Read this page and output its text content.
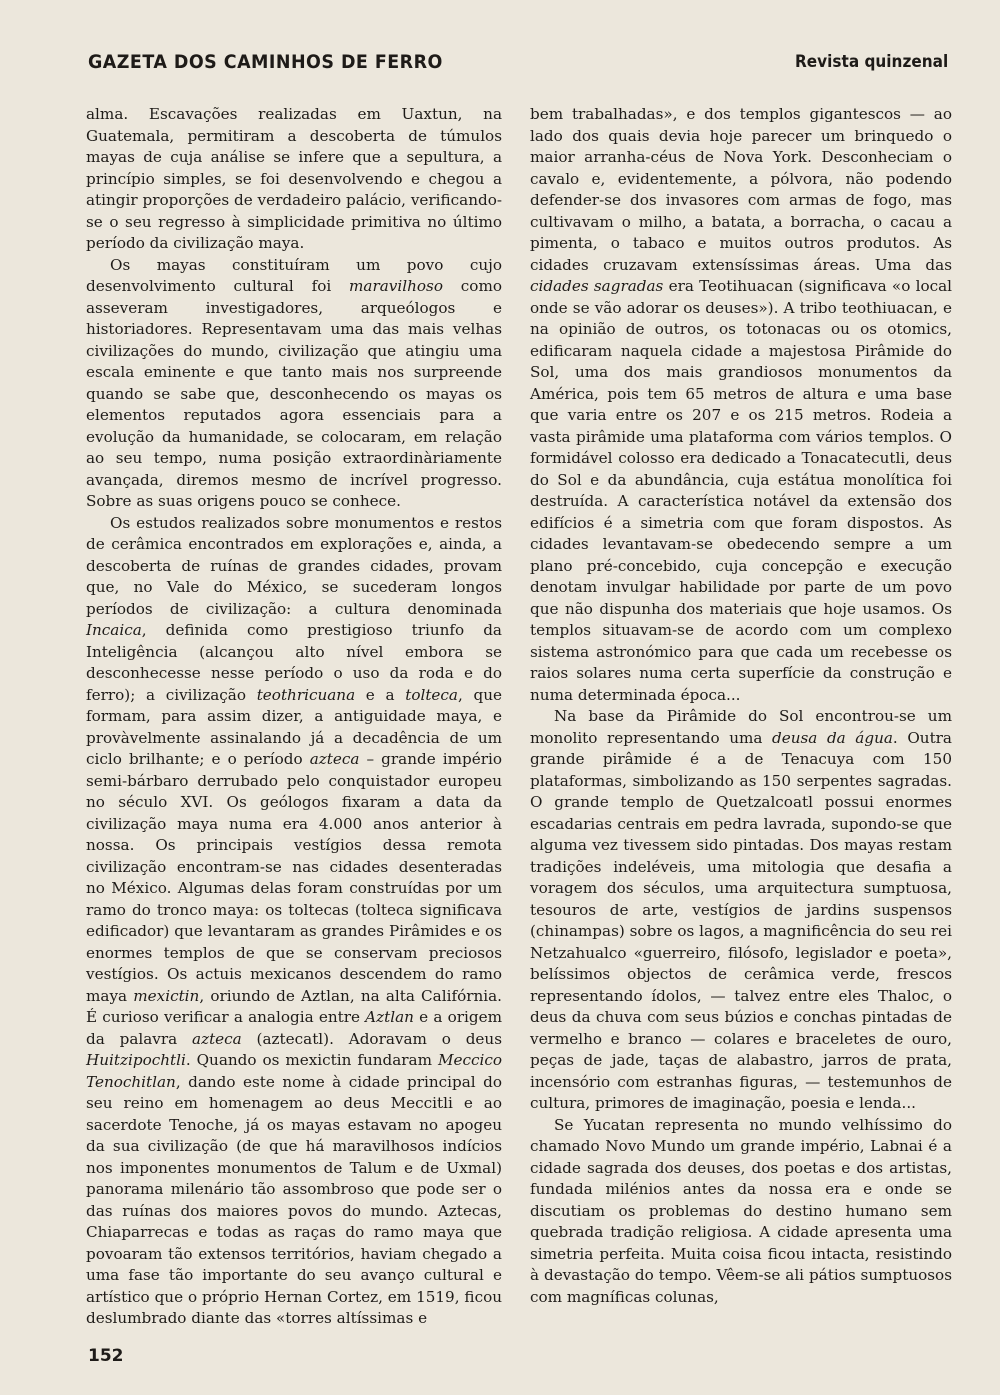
GAZETA DOS CAMINHOS DE FERRO	Revista quinzenal

alma. Escavações realizadas em Uaxtun, na Guatemala, permitiram a descoberta de túmulos mayas de cuja análise se infere que a sepultura, a princípio simples, se foi desenvolvendo e chegou a atingir proporções de verdadeiro palácio, verificando-se o seu regresso à simplicidade primitiva no último período da civilização maya.

Os mayas constituíram um povo cujo desenvolvimento cultural foi maravilhoso como asseveram investigadores, arqueólogos e historiadores. Representavam uma das mais velhas civilizações do mundo, civilização que atingiu uma escala eminente e que tanto mais nos surpreende quando se sabe que, desconhecendo os mayas os elementos reputados agora essenciais para a evolução da humanidade, se colocaram, em relação ao seu tempo, numa posição extraordinàriamente avançada, diremos mesmo de incrível progresso. Sobre as suas origens pouco se conhece.

Os estudos realizados sobre monumentos e restos de cerâmica encontrados em explorações e, ainda, a descoberta de ruínas de grandes cidades, provam que, no Vale do México, se sucederam longos períodos de civilização: a cultura denominada Incaica, definida como prestigioso triunfo da Inteligência (alcançou alto nível embora se desconhecesse nesse período o uso da roda e do ferro); a civilização teothricuana e a tolteca, que formam, para assim dizer, a antiguidade maya, e provàvelmente assinalando já a decadência de um ciclo brilhante; e o período azteca – grande império semi-bárbaro derrubado pelo conquistador europeu no século XVI. Os geólogos fixaram a data da civilização maya numa era 4.000 anos anterior à nossa. Os principais vestígios dessa remota civilização encontram-se nas cidades desenteradas no México. Algumas delas foram construídas por um ramo do tronco maya: os toltecas (tolteca significava edificador) que levantaram as grandes Pirâmides e os enormes templos de que se conservam preciosos vestígios. Os actuis mexicanos descendem do ramo maya mexictin, oriundo de Aztlan, na alta Califórnia. É curioso verificar a analogia entre Aztlan e a origem da palavra azteca (aztecatl). Adoravam o deus Huitzipochtli. Quando os mexictin fundaram Meccico Tenochitlan, dando este nome à cidade principal do seu reino em homenagem ao deus Meccitli e ao sacerdote Tenoche, já os mayas estavam no apogeu da sua civilização (de que há maravilhosos indícios nos imponentes monumentos de Talum e de Uxmal) panorama milenário tão assombroso que pode ser o das ruínas dos maiores povos do mundo. Aztecas, Chiaparrecas e todas as raças do ramo maya que povoaram tão extensos territórios, haviam chegado a uma fase tão importante do seu avanço cultural e artístico que o próprio Hernan Cortez, em 1519, ficou deslumbrado diante das «torres altíssimas e

bem trabalhadas», e dos templos gigantescos — ao lado dos quais devia hoje parecer um brinquedo o maior arranha-céus de Nova York. Desconheciam o cavalo e, evidentemente, a pólvora, não podendo defender-se dos invasores com armas de fogo, mas cultivavam o milho, a batata, a borracha, o cacau a pimenta, o tabaco e muitos outros produtos. As cidades cruzavam extensíssimas áreas. Uma das cidades sagradas era Teotihuacan (significava «o local onde se vão adorar os deuses»). A tribo teothiuacan, e na opinião de outros, os totonacas ou os otomics, edificaram naquela cidade a majestosa Pirâmide do Sol, uma dos mais grandiosos monumentos da América, pois tem 65 metros de altura e uma base que varia entre os 207 e os 215 metros. Rodeia a vasta pirâmide uma plataforma com vários templos. O formidável colosso era dedicado a Tonacatecutli, deus do Sol e da abundância, cuja estátua monolítica foi destruída. A característica notável da extensão dos edifícios é a simetria com que foram dispostos. As cidades levantavam-se obedecendo sempre a um plano pré-concebido, cuja concepção e execução denotam invulgar habilidade por parte de um povo que não dispunha dos materiais que hoje usamos. Os templos situavam-se de acordo com um complexo sistema astronómico para que cada um recebesse os raios solares numa certa superfície da construção e numa determinada época...

Na base da Pirâmide do Sol encontrou-se um monolito representando uma deusa da água. Outra grande pirâmide é a de Tenacuya com 150 plataformas, simbolizando as 150 serpentes sagradas. O grande templo de Quetzalcoatl possui enormes escadarias centrais em pedra lavrada, supondo-se que alguma vez tivessem sido pintadas. Dos mayas restam tradições indeléveis, uma mitologia que desafia a voragem dos séculos, uma arquitectura sumptuosa, tesouros de arte, vestígios de jardins suspensos (chinampas) sobre os lagos, a magnificência do seu rei Netzahualco «guerreiro, filósofo, legislador e poeta», belíssimos objectos de cerâmica verde, frescos representando ídolos, — talvez entre eles Thaloc, o deus da chuva com seus búzios e conchas pintadas de vermelho e branco — colares e braceletes de ouro, peças de jade, taças de alabastro, jarros de prata, incensório com estranhas figuras, — testemunhos de cultura, primores de imaginação, poesia e lenda...

Se Yucatan representa no mundo velhíssimo do chamado Novo Mundo um grande império, Labnai é a cidade sagrada dos deuses, dos poetas e dos artistas, fundada milénios antes da nossa era e onde se discutiam os problemas do destino humano sem quebrada tradição religiosa. A cidade apresenta uma simetria perfeita. Muita coisa ficou intacta, resistindo à devastação do tempo. Vêem-se ali pátios sumptuosos com magníficas colunas,

152
